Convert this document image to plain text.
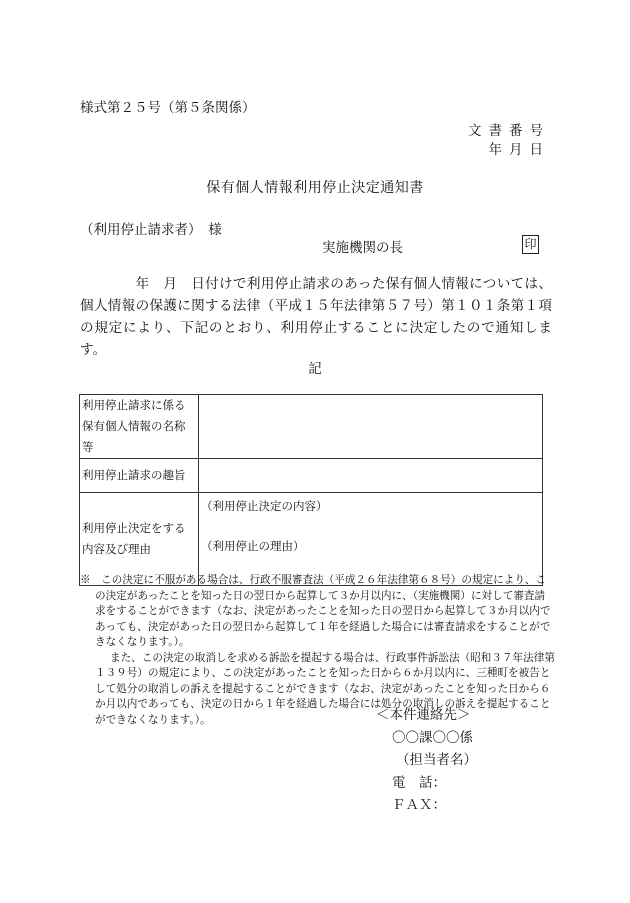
様式第２５号（第５条関係）
文書番号
年月日
保有個人情報利用停止決定通知書
（利用停止請求者）　様
実施機関の長	印
　　　　年　月　日付けで利用停止請求のあった保有個人情報については、個人情報の保護に関する法律（平成１５年法律第５７号）第１０１条第１項の規定により、下記のとおり、利用停止することに決定したので通知します。
記
利用停止請求に係る保有個人情報の名称等	
利用停止請求の趣旨	
利用停止決定をする内容及び理由	（利用停止決定の内容）
（利用停止の理由）

※　この決定に不服がある場合は、行政不服審査法（平成２６年法律第６８号）の規定により、この決定があったことを知った日の翌日から起算して３か月以内に、（実施機関）に対して審査請求をすることができます（なお、決定があったことを知った日の翌日から起算して３か月以内であっても、決定があった日の翌日から起算して１年を経過した場合には審査請求をすることができなくなります。）。

また、この決定の取消しを求める訴訟を提起する場合は、行政事件訴訟法（昭和３７年法律第１３９号）の規定により、この決定があったことを知った日から６か月以内に、三種町を被告として処分の取消しの訴えを提起することができます（なお、決定があったことを知った日から６か月以内であっても、決定の日から１年を経過した場合には処分の取消しの訴えを提起することができなくなります。）。	＜本件連絡先＞
〇〇課〇〇係
（担当者名）
電　話：
ＦＡＸ：
